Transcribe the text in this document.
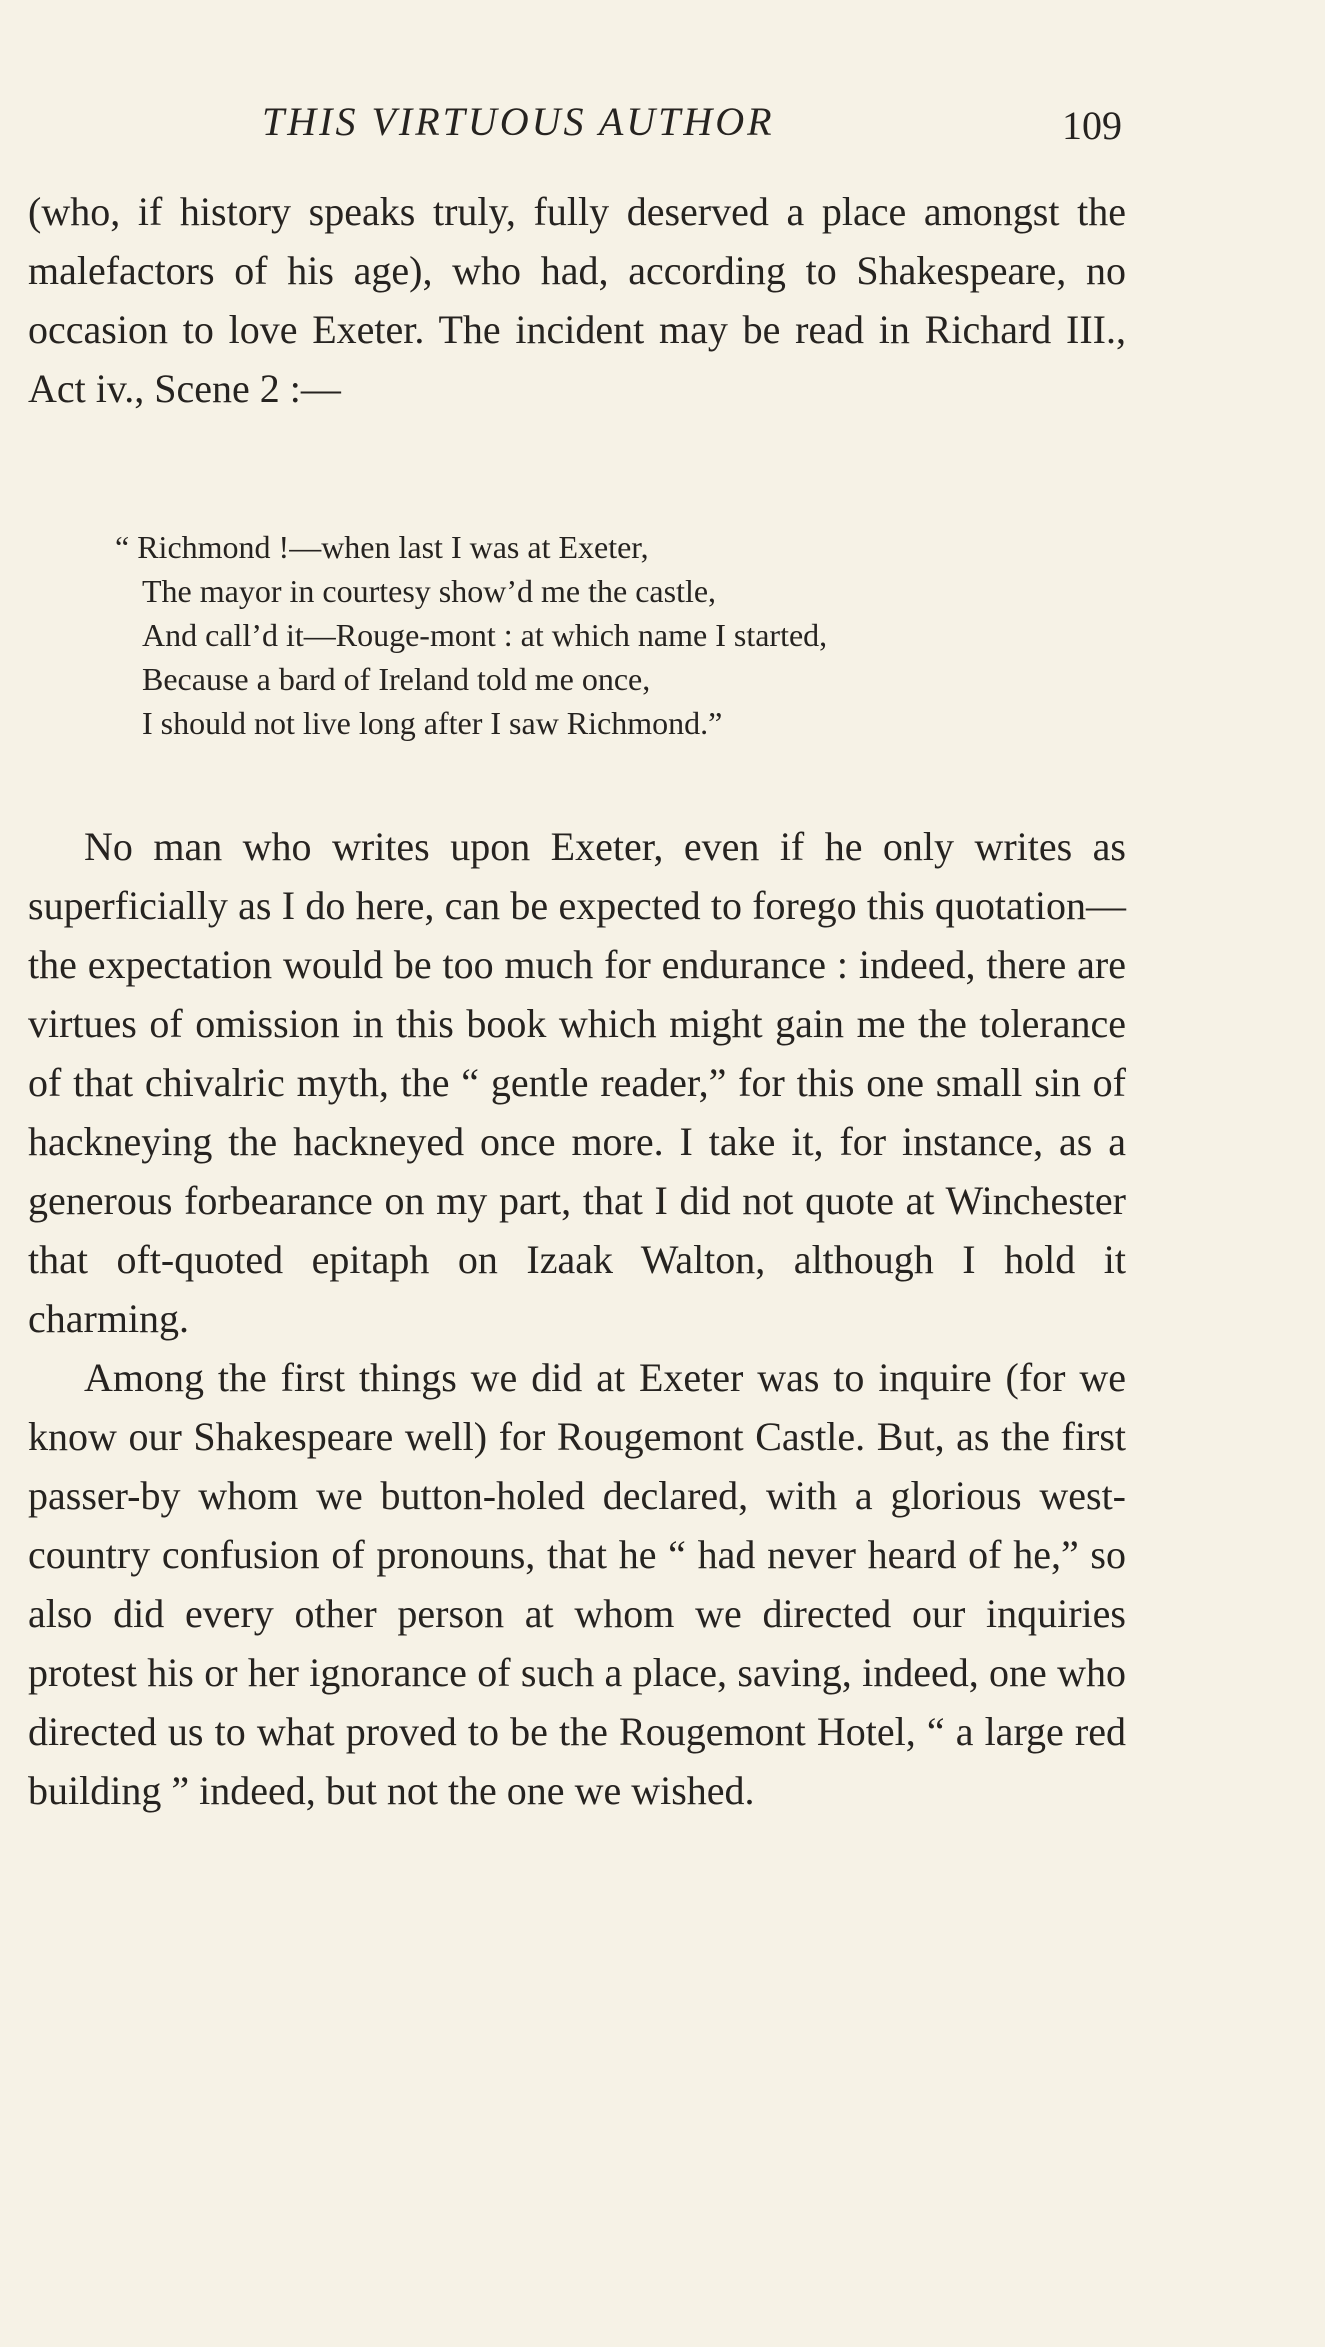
THIS VIRTUOUS AUTHOR	109

(who, if history speaks truly, fully deserved a place amongst the malefactors of his age), who had, according to Shakespeare, no occasion to love Exeter. The incident may be read in Richard III., Act iv., Scene 2 :—

“ Richmond !—when last I was at Exeter,
The mayor in courtesy show’d me the castle,
And call’d it—Rouge-mont : at which name I started,
Because a bard of Ireland told me once,
I should not live long after I saw Richmond.”

No man who writes upon Exeter, even if he only writes as superficially as I do here, can be expected to forego this quotation—the expectation would be too much for endurance : indeed, there are virtues of omission in this book which might gain me the tolerance of that chivalric myth, the “ gentle reader,” for this one small sin of hackneying the hackneyed once more. I take it, for instance, as a generous forbearance on my part, that I did not quote at Winchester that oft-quoted epitaph on Izaak Walton, although I hold it charming.

Among the first things we did at Exeter was to inquire (for we know our Shakespeare well) for Rougemont Castle. But, as the first passer-by whom we button-holed declared, with a glorious west-country confusion of pronouns, that he “ had never heard of he,” so also did every other person at whom we directed our inquiries protest his or her ignorance of such a place, saving, indeed, one who directed us to what proved to be the Rougemont Hotel, “ a large red building ” indeed, but not the one we wished.
